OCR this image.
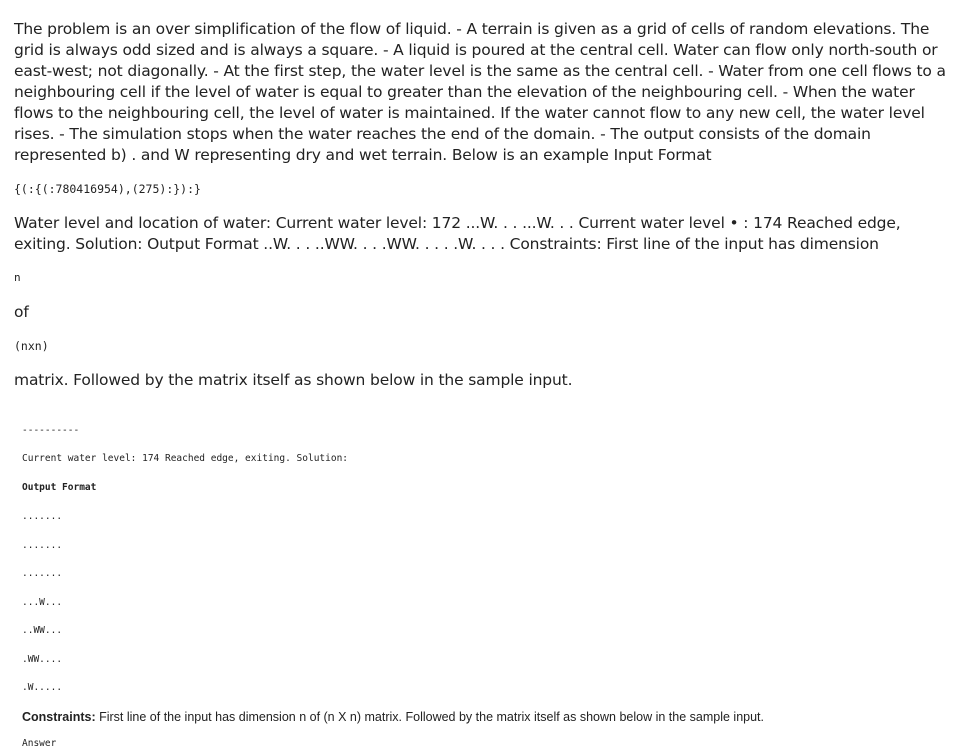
The problem is an over simplification of the flow of liquid. - A terrain is given as a grid of cells of random elevations. The grid is always odd sized and is always a square. - A liquid is poured at the central cell. Water can flow only north-south or east-west; not diagonally. - At the first step, the water level is the same as the central cell. - Water from one cell flows to a neighbouring cell if the level of water is equal to greater than the elevation of the neighbouring cell. - When the water flows to the neighbouring cell, the level of water is maintained. If the water cannot flow to any new cell, the water level rises. - The simulation stops when the water reaches the end of the domain. - The output consists of the domain represented b) . and W representing dry and wet terrain. Below is an example Input Format

{(:{(:780416954),(275):}):}

Water level and location of water: Current water level: 172 ...W. . . ...W. . . Current water level • : 174 Reached edge, exiting. Solution: Output Format ..W. . . ..WW. . . .WW. . . . .W. . . . Constraints: First line of the input has dimension

n

of

(nxn)

matrix. Followed by the matrix itself as shown below in the sample input.

----------
Current water level: 174 Reached edge, exiting. Solution:
Output Format
.......
.......
.......
...W...
..WW...
.WW....
.W.....

Constraints: First line of the input has dimension n of (n X n) matrix. Followed by the matrix itself as shown below in the sample input.

Answer
